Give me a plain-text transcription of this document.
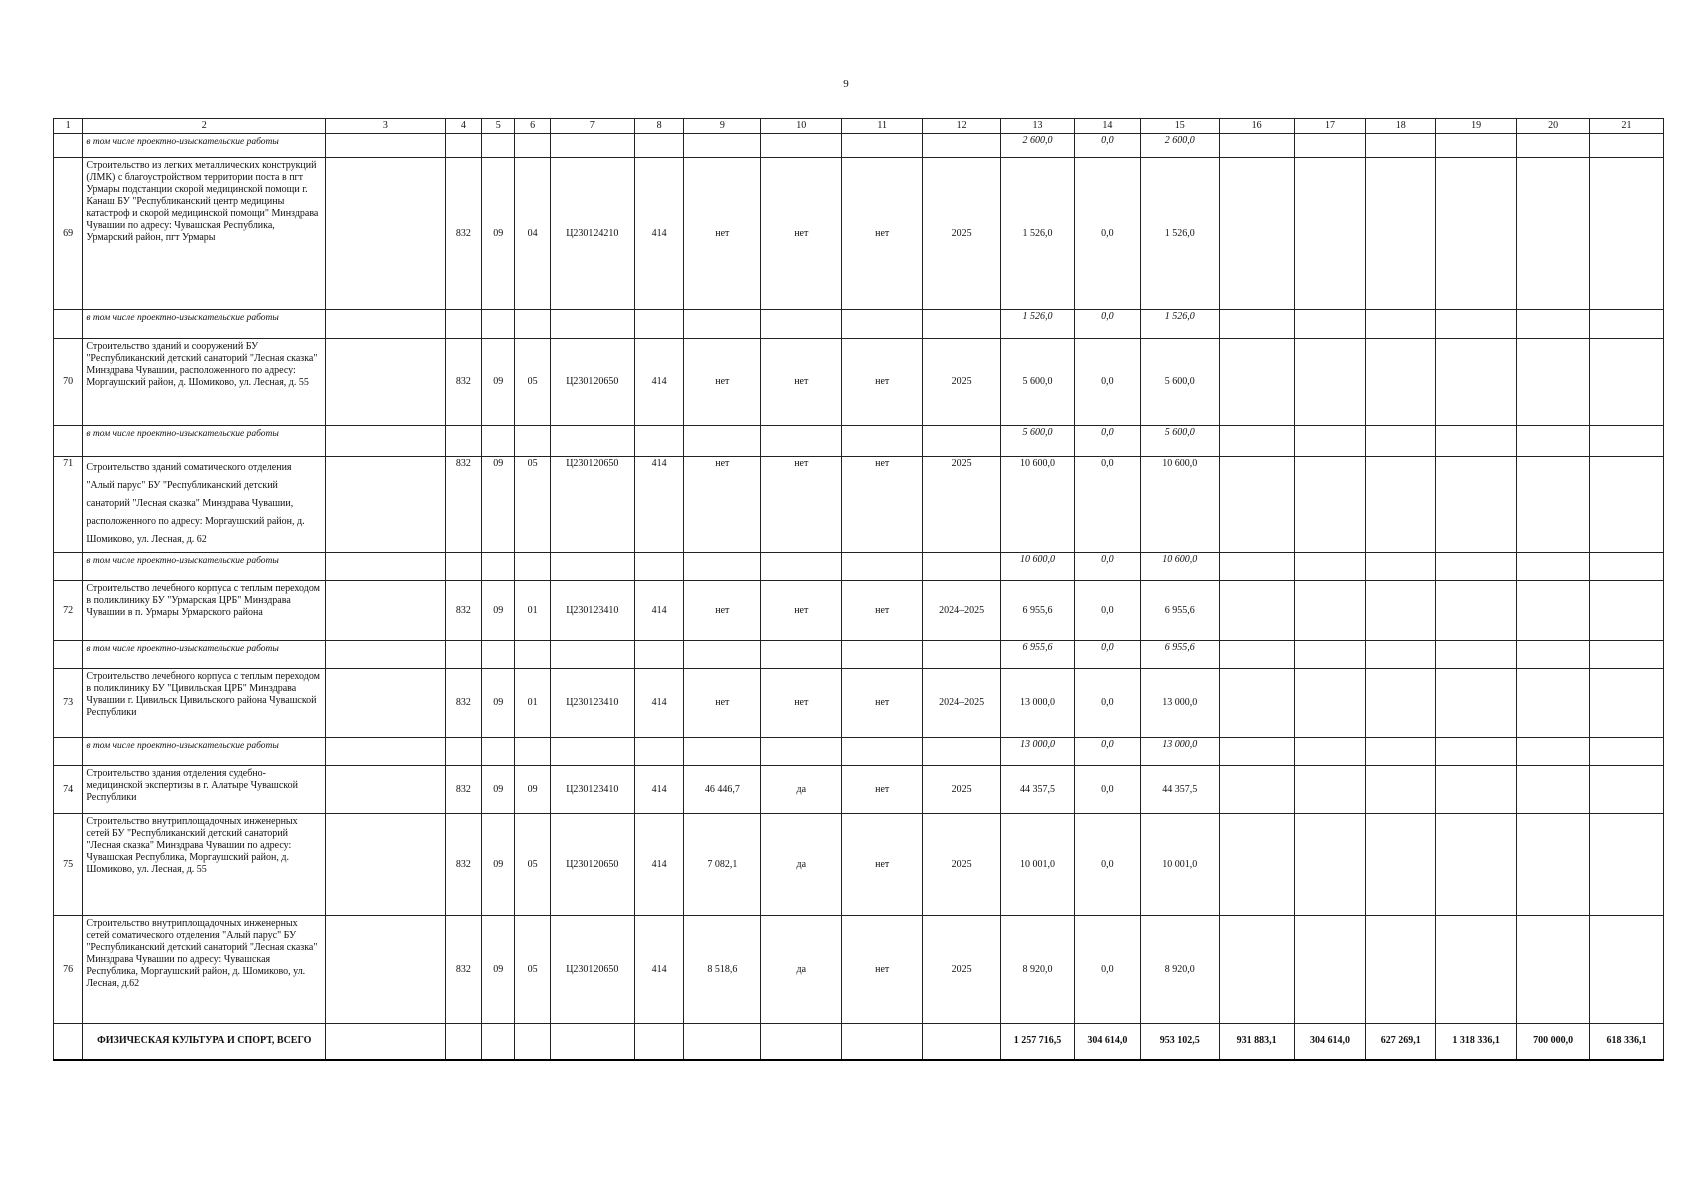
9
1	2	3	4	5	6	7	8	9	10	11	12	13	14	15	16	17	18	19	20	21
	в том числе проектно-изыскательские работы											2 600,0	0,0	2 600,0						
69	Строительство из легких металлических конструкций (ЛМК) с благоустройством территории поста в пгт Урмары подстанции скорой медицинской помощи г. Канаш БУ "Республиканский центр медицины катастроф и скорой медицинской помощи" Минздрава Чувашии по адресу: Чувашская Республика, Урмарский район, пгт Урмары		832	09	04	Ц230124210	414	нет	нет	нет	2025	1 526,0	0,0	1 526,0						
	в том числе проектно-изыскательские работы											1 526,0	0,0	1 526,0						
70	Строительство зданий и сооружений БУ "Республиканский детский санаторий "Лесная сказка" Минздрава Чувашии, расположенного по адресу: Моргаушский район, д. Шомиково, ул. Лесная, д. 55		832	09	05	Ц230120650	414	нет	нет	нет	2025	5 600,0	0,0	5 600,0						
	в том числе проектно-изыскательские работы											5 600,0	0,0	5 600,0						
71	Строительство зданий соматического отделения "Алый парус" БУ "Республиканский детский санаторий "Лесная сказка" Минздрава Чувашии, расположенного по адресу: Моргаушский район, д. Шомиково, ул. Лесная, д. 62		832	09	05	Ц230120650	414	нет	нет	нет	2025	10 600,0	0,0	10 600,0						
	в том числе проектно-изыскательские работы											10 600,0	0,0	10 600,0						
72	Строительство лечебного корпуса с теплым переходом в поликлинику БУ "Урмарская ЦРБ" Минздрава Чувашии в п. Урмары Урмарского района		832	09	01	Ц230123410	414	нет	нет	нет	2024–2025	6 955,6	0,0	6 955,6						
	в том числе проектно-изыскательские работы											6 955,6	0,0	6 955,6						
73	Строительство лечебного корпуса с теплым переходом в поликлинику БУ "Цивильская ЦРБ" Минздрава Чувашии г. Цивильск Цивильского района Чувашской Республики		832	09	01	Ц230123410	414	нет	нет	нет	2024–2025	13 000,0	0,0	13 000,0						
	в том числе проектно-изыскательские работы											13 000,0	0,0	13 000,0						
74	Строительство здания отделения судебно-медицинской экспертизы в г. Алатыре Чувашской Республики		832	09	09	Ц230123410	414	46 446,7	да	нет	2025	44 357,5	0,0	44 357,5						
75	Строительство внутриплощадочных инженерных сетей БУ "Республиканский детский санаторий "Лесная сказка" Минздрава Чувашии по адресу: Чувашская Республика, Моргаушский район, д. Шомиково, ул. Лесная, д. 55		832	09	05	Ц230120650	414	7 082,1	да	нет	2025	10 001,0	0,0	10 001,0						
76	Строительство внутриплощадочных инженерных сетей соматического отделения "Алый парус" БУ "Республиканский детский санаторий "Лесная сказка" Минздрава Чувашии по адресу: Чувашская Республика, Моргаушский район, д. Шомиково, ул. Лесная, д.62		832	09	05	Ц230120650	414	8 518,6	да	нет	2025	8 920,0	0,0	8 920,0						
	ФИЗИЧЕСКАЯ КУЛЬТУРА И СПОРТ, ВСЕГО											1 257 716,5	304 614,0	953 102,5	931 883,1	304 614,0	627 269,1	1 318 336,1	700 000,0	618 336,1
